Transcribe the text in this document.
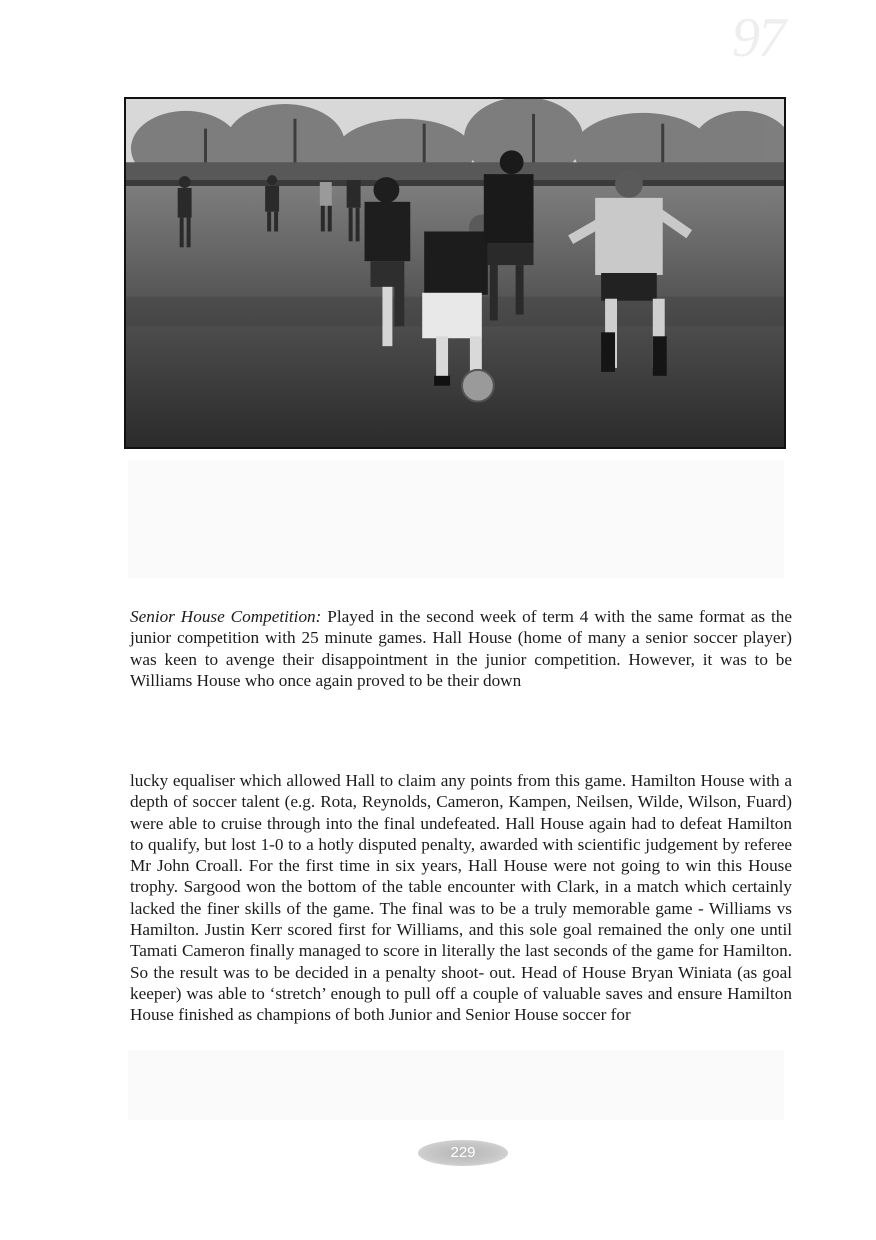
97

Senior House Competition: Played in the second week of term 4 with the same format as the junior competition with 25 minute games. Hall House (home of many a senior soccer player) was keen to avenge their disappointment in the junior competition. However, it was to be Williams House who once again proved to be their down

lucky equaliser which allowed Hall to claim any points from this game. Hamilton House with a depth of soccer talent (e.g. Rota, Reynolds, Cameron, Kampen, Neilsen, Wilde, Wilson, Fuard) were able to cruise through into the final undefeated. Hall House again had to defeat Hamilton to qualify, but lost 1-0 to a hotly disputed penalty, awarded with scientific judgement by referee Mr John Croall. For the first time in six years, Hall House were not going to win this House trophy. Sargood won the bottom of the table encounter with Clark, in a match which certainly lacked the finer skills of the game. The final was to be a truly memorable game - Williams vs Hamilton. Justin Kerr scored first for Williams, and this sole goal remained the only one until Tamati Cameron finally managed to score in literally the last seconds of the game for Hamilton. So the result was to be decided in a penalty shoot- out. Head of House Bryan Winiata (as goal keeper) was able to ‘stretch’ enough to pull off a couple of valuable saves and ensure Hamilton House finished as champions of both Junior and Senior House soccer for

229
